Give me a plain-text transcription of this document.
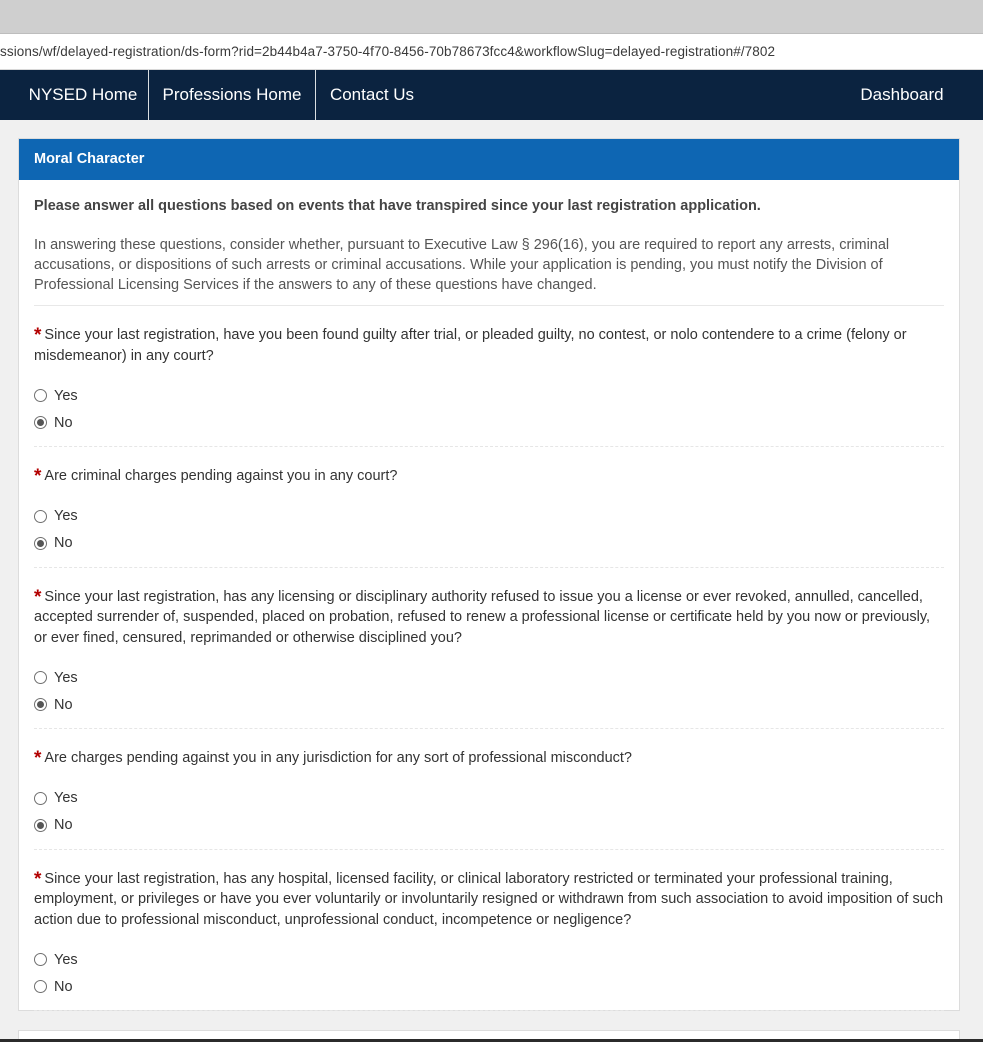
ssions/wf/delayed-registration/ds-form?rid=2b44b4a7-3750-4f70-8456-70b78673fcc4&workflowSlug=delayed-registration#/7802
NYSED Home	Professions Home	Contact Us	Dashboard
Moral Character
Please answer all questions based on events that have transpired since your last registration application.
In answering these questions, consider whether, pursuant to Executive Law § 296(16), you are required to report any arrests, criminal accusations, or dispositions of such arrests or criminal accusations. While your application is pending, you must notify the Division of Professional Licensing Services if the answers to any of these questions have changed.
* Since your last registration, have you been found guilty after trial, or pleaded guilty, no contest, or nolo contendere to a crime (felony or misdemeanor) in any court?
Yes
No
* Are criminal charges pending against you in any court?
Yes
No
* Since your last registration, has any licensing or disciplinary authority refused to issue you a license or ever revoked, annulled, cancelled, accepted surrender of, suspended, placed on probation, refused to renew a professional license or certificate held by you now or previously, or ever fined, censured, reprimanded or otherwise disciplined you?
Yes
No
* Are charges pending against you in any jurisdiction for any sort of professional misconduct?
Yes
No
* Since your last registration, has any hospital, licensed facility, or clinical laboratory restricted or terminated your professional training, employment, or privileges or have you ever voluntarily or involuntarily resigned or withdrawn from such association to avoid imposition of such action due to professional misconduct, unprofessional conduct, incompetence or negligence?
Yes
No
